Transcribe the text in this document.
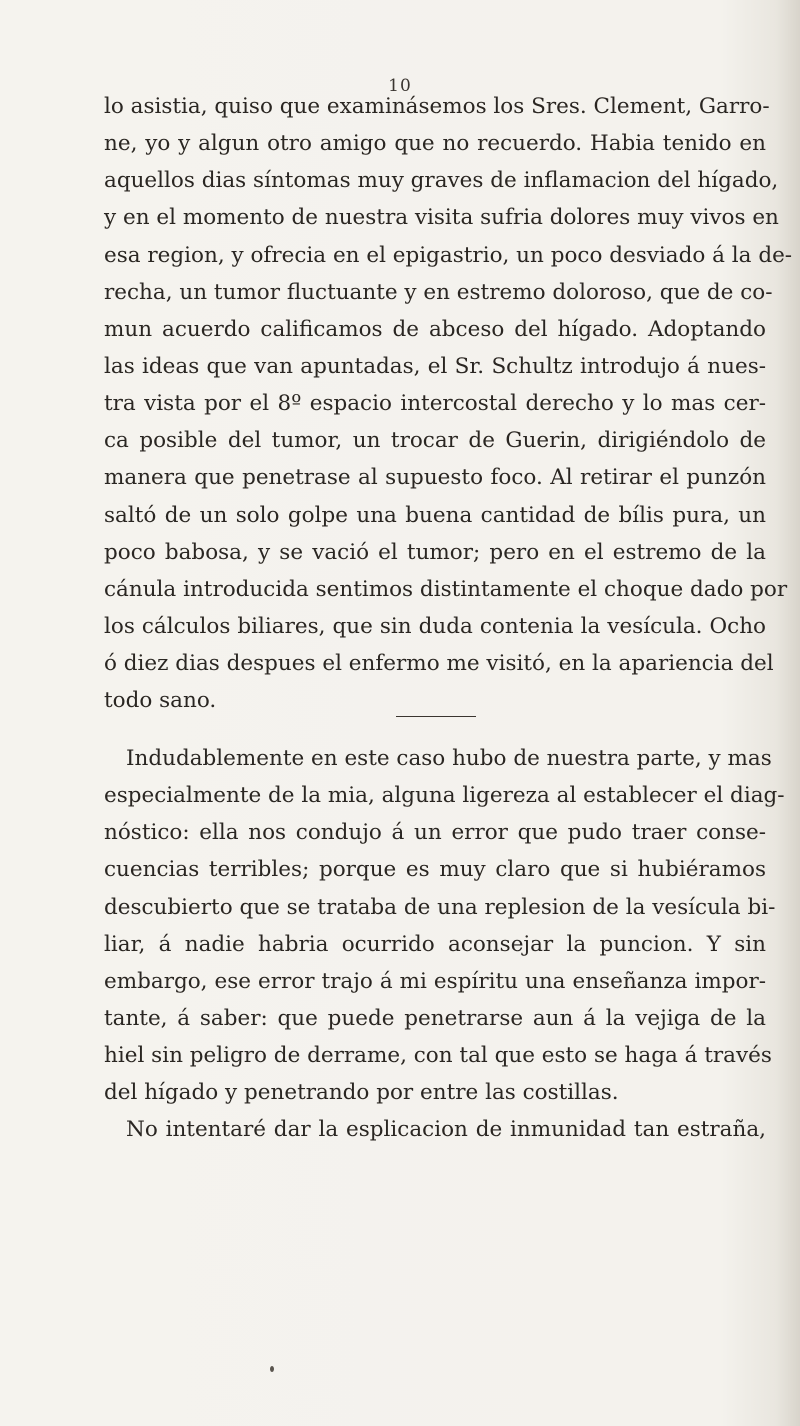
10

lo asistia, quiso que examinásemos los Sres. Clement, Garro-
ne, yo y algun otro amigo que no recuerdo. Habia tenido en
aquellos dias síntomas muy graves de inflamacion del hígado,
y en el momento de nuestra visita sufria dolores muy vivos en
esa region, y ofrecia en el epigastrio, un poco desviado á la de-
recha, un tumor fluctuante y en estremo doloroso, que de co-
mun acuerdo calificamos de abceso del hígado. Adoptando
las ideas que van apuntadas, el Sr. Schultz introdujo á nues-
tra vista por el 8º espacio intercostal derecho y lo mas cer-
ca posible del tumor, un trocar de Guerin, dirigiéndolo de
manera que penetrase al supuesto foco. Al retirar el punzón
saltó de un solo golpe una buena cantidad de bílis pura, un
poco babosa, y se vació el tumor; pero en el estremo de la
cánula introducida sentimos distintamente el choque dado por
los cálculos biliares, que sin duda contenia la vesícula. Ocho
ó diez dias despues el enfermo me visitó, en la apariencia del
todo sano.

Indudablemente en este caso hubo de nuestra parte, y mas
especialmente de la mia, alguna ligereza al establecer el diag-
nóstico: ella nos condujo á un error que pudo traer conse-
cuencias terribles; porque es muy claro que si hubiéramos
descubierto que se trataba de una replesion de la vesícula bi-
liar, á nadie habria ocurrido aconsejar la puncion. Y sin
embargo, ese error trajo á mi espíritu una enseñanza impor-
tante, á saber: que puede penetrarse aun á la vejiga de la
hiel sin peligro de derrame, con tal que esto se haga á través
del hígado y penetrando por entre las costillas.
No intentaré dar la esplicacion de inmunidad tan estraña,
